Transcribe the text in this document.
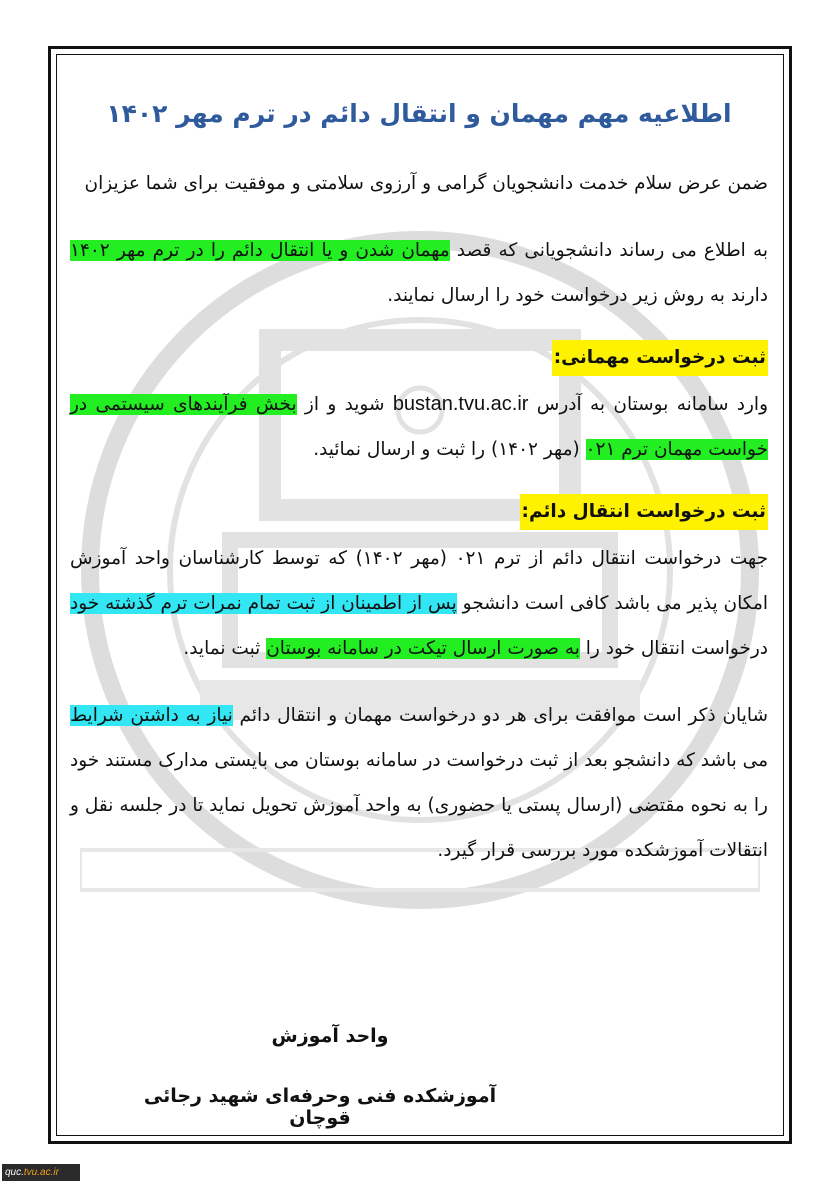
اطلاعیه مهم مهمان و انتقال دائم در ترم مهر ۱۴۰۲

ضمن عرض سلام خدمت دانشجویان گرامی و آرزوی سلامتی و موفقیت برای شما عزیزان

به اطلاع می رساند دانشجویانی که قصد مهمان شدن و یا انتقال دائم را در ترم مهر ۱۴۰۲ دارند به روش زیر درخواست خود را ارسال نمایند.

ثبت درخواست مهمانی:

وارد سامانه بوستان به آدرس bustan.tvu.ac.ir شوید و از بخش فرآیندهای سیستمی در خواست مهمان ترم ۰۲۱ (مهر ۱۴۰۲) را ثبت و ارسال نمائید.

ثبت درخواست انتقال دائم:

جهت درخواست انتقال دائم از ترم ۰۲۱ (مهر ۱۴۰۲) که توسط کارشناسان واحد آموزش امکان پذیر می باشد کافی است دانشجو پس از اطمینان از ثبت تمام نمرات ترم گذشته خود درخواست انتقال خود را به صورت ارسال تیکت در سامانه بوستان ثبت نماید.

شایان ذکر است موافقت برای هر دو درخواست مهمان و انتقال دائم نیاز به داشتن شرایط می باشد که دانشجو بعد از ثبت درخواست در سامانه بوستان می بایستی مدارک مستند خود را به نحوه مقتضی (ارسال پستی یا حضوری) به واحد آموزش تحویل نماید تا در جلسه نقل و انتقالات آموزشکده مورد بررسی قرار گیرد.

واحد آموزش
آموزشکده فنی وحرفه‌ای شهید رجائی قوچان
quc.tvu.ac.ir
